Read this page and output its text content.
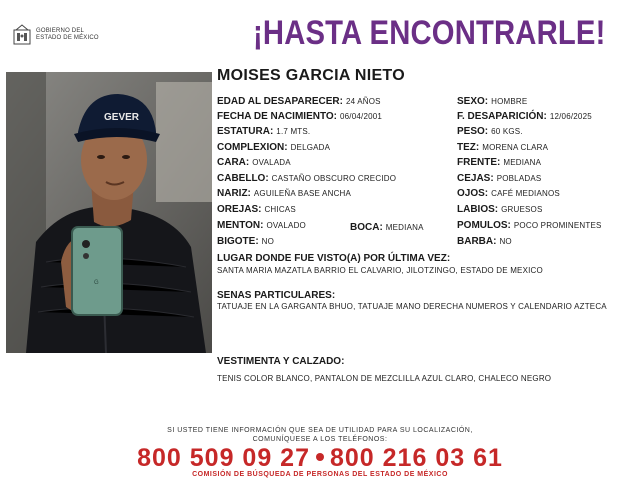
GOBIERNO DEL
ESTADO DE MÉXICO	¡HASTA ENCONTRARLE!
GEVER
G
MOISES GARCIA NIETO
EDAD AL DESAPARECER: 24 AÑOS
FECHA DE NACIMIENTO: 06/04/2001
ESTATURA: 1.7 MTS.
COMPLEXION: DELGADA
CARA: OVALADA
CABELLO: CASTAÑO OBSCURO CRECIDO
NARIZ: AGUILEÑA BASE ANCHA
OREJAS: CHICAS
MENTON: OVALADO	BOCA: MEDIANA
BIGOTE: NO
SEXO: HOMBRE
F. DESAPARICIÓN: 12/06/2025
PESO: 60 KGS.
TEZ: MORENA CLARA
FRENTE: MEDIANA
CEJAS: POBLADAS
OJOS: CAFÉ MEDIANOS
LABIOS: GRUESOS
POMULOS: POCO PROMINENTES
BARBA: NO
LUGAR DONDE FUE VISTO(A) POR ÚLTIMA VEZ:
SANTA MARIA MAZATLA BARRIO EL CALVARIO, JILOTZINGO, ESTADO DE MEXICO
SENAS PARTICULARES:
TATUAJE EN LA GARGANTA BHUO, TATUAJE MANO DERECHA NUMEROS Y CALENDARIO AZTECA
VESTIMENTA Y CALZADO:
TENIS COLOR BLANCO, PANTALON DE MEZCLILLA AZUL CLARO, CHALECO NEGRO
SI USTED TIENE INFORMACIÓN QUE SEA DE UTILIDAD PARA SU LOCALIZACIÓN,
COMUNÍQUESE A LOS TELÉFONOS:
800 509 09 27 800 216 03 61
COMISIÓN DE BÚSQUEDA DE PERSONAS DEL ESTADO DE MÉXICO
